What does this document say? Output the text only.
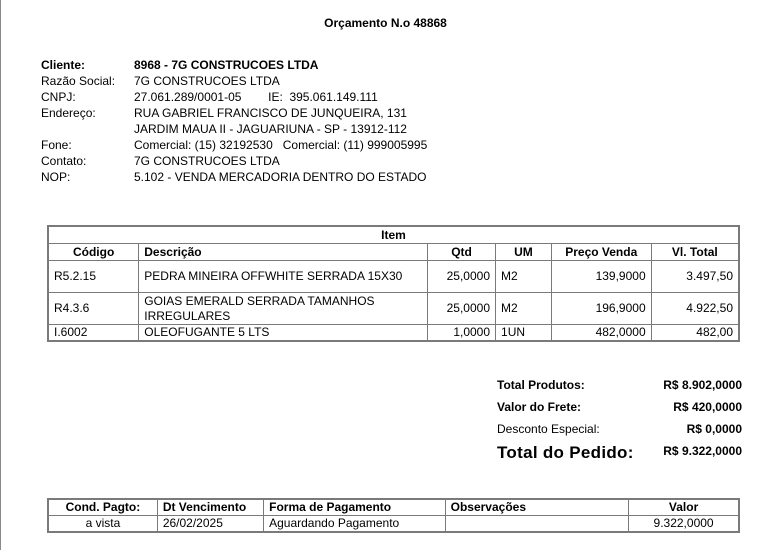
Orçamento N.o 48868
Cliente:	8968 - 7G CONSTRUCOES LTDA
Razão Social:	7G CONSTRUCOES LTDA
CNPJ:	27.061.289/0001-05        IE:  395.061.149.111
Endereço:	RUA GABRIEL FRANCISCO DE JUNQUEIRA, 131
JARDIM MAUA II - JAGUARIUNA - SP - 13912-112
Fone:	Comercial: (15) 32192530   Comercial: (11) 999005995
Contato:	7G CONSTRUCOES LTDA
NOP:	5.102 - VENDA MERCADORIA DENTRO DO ESTADO
Item					
Código	Descrição	Qtd	UM	Preço Venda	Vl. Total
R5.2.15	PEDRA MINEIRA OFFWHITE SERRADA 15X30	25,0000	M2	139,9000	3.497,50
R4.3.6	GOIAS EMERALD SERRADA TAMANHOS IRREGULARES	25,0000	M2	196,9000	4.922,50
I.6002	OLEOFUGANTE 5 LTS	1,0000	1UN	482,0000	482,00
Total Produtos:	R$ 8.902,0000
Valor do Frete:	R$ 420,0000
Desconto Especial:	R$ 0,0000
Total do Pedido: R$ 9.322,0000
Cond. Pagto:	Dt Vencimento	Forma de Pagamento	Observações	Valor
a vista	26/02/2025	Aguardando Pagamento		9.322,0000
